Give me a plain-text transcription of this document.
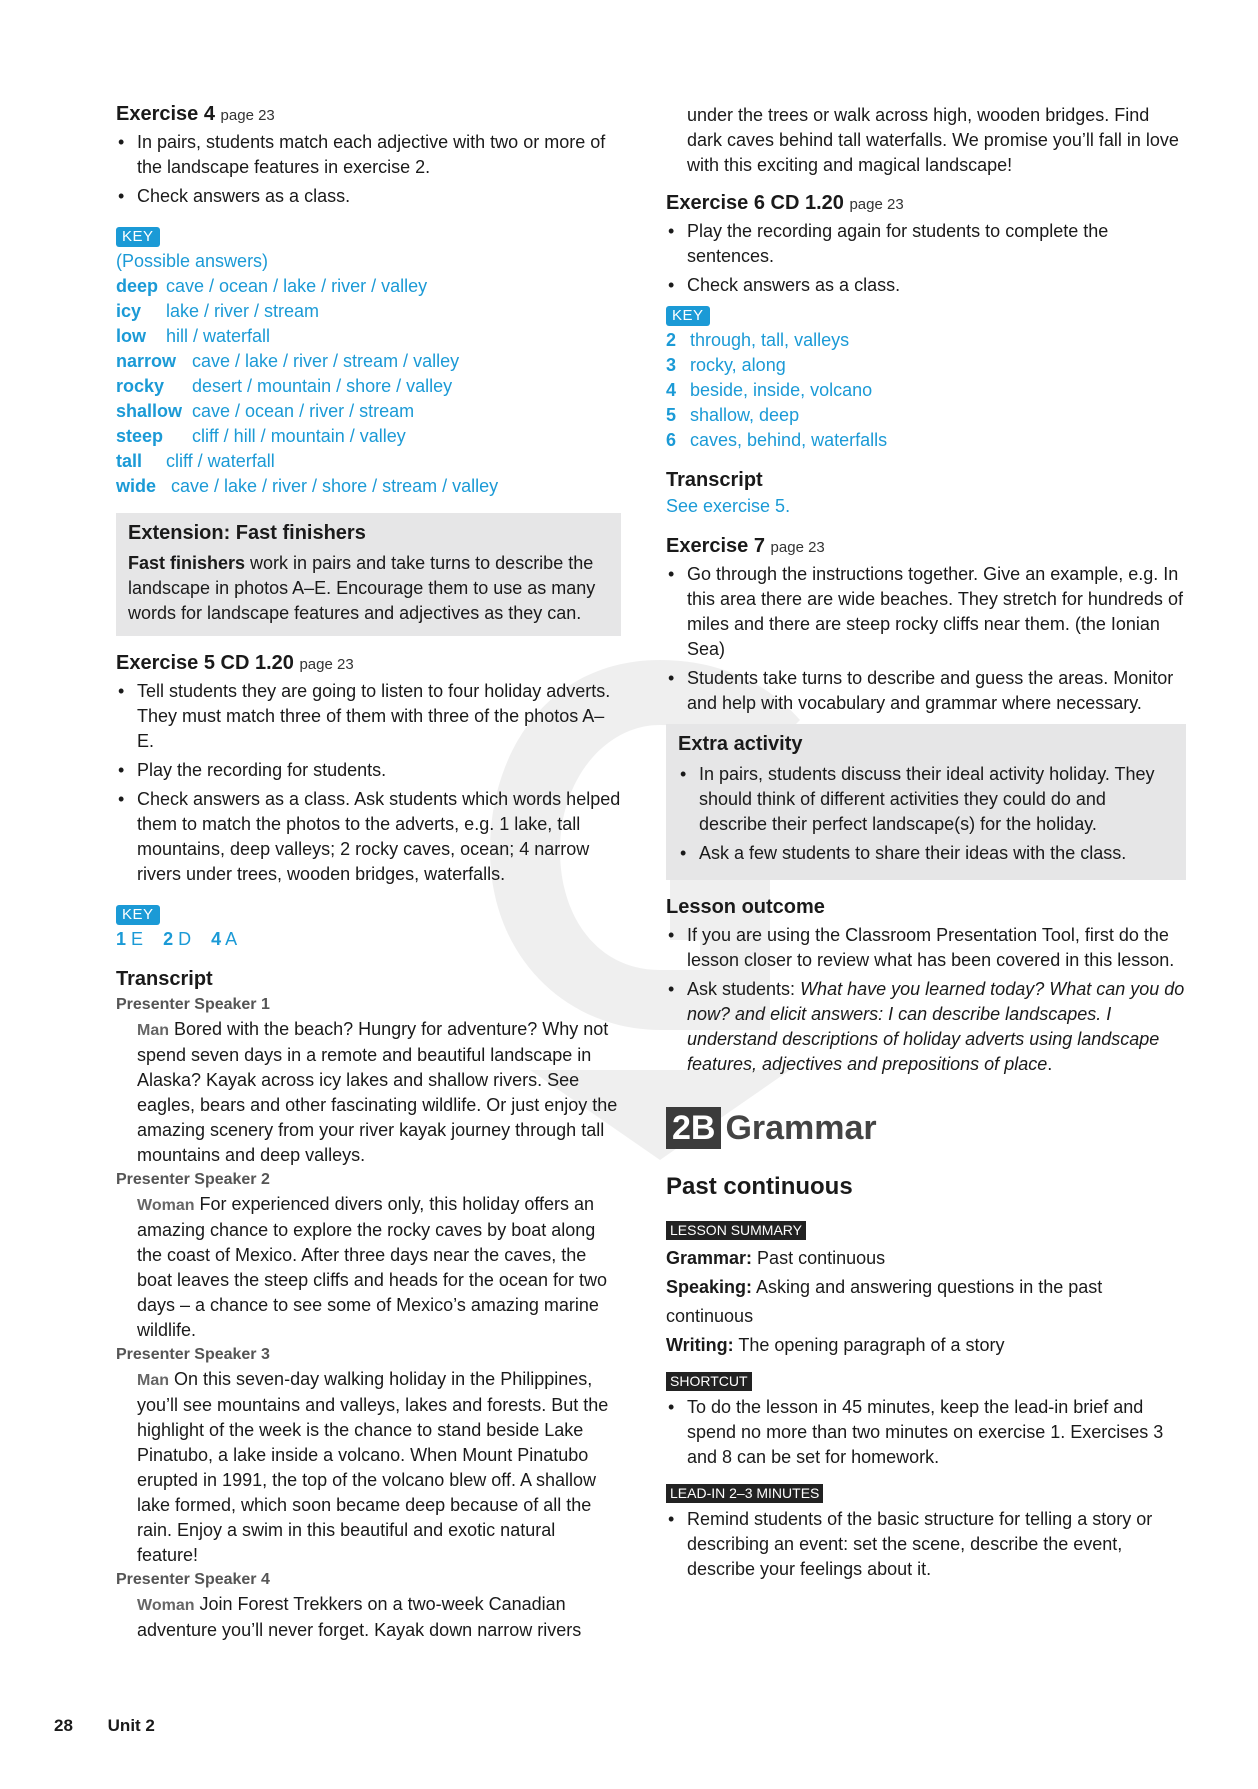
Exercise 4 page 23
• In pairs, students match each adjective with two or more of the landscape features in exercise 2.
• Check answers as a class.
KEY
(Possible answers)
deep cave / ocean / lake / river / valley
icy lake / river / stream
low hill / waterfall
narrow cave / lake / river / stream / valley
rocky desert / mountain / shore / valley
shallow cave / ocean / river / stream
steep cliff / hill / mountain / valley
tall cliff / waterfall
wide cave / lake / river / shore / stream / valley
Extension: Fast finishers
Fast finishers work in pairs and take turns to describe the landscape in photos A–E. Encourage them to use as many words for landscape features and adjectives as they can.
Exercise 5 CD 1.20 page 23
• Tell students they are going to listen to four holiday adverts. They must match three of them with three of the photos A–E.
• Play the recording for students.
• Check answers as a class. Ask students which words helped them to match the photos to the adverts, e.g. 1 lake, tall mountains, deep valleys; 2 rocky caves, ocean; 4 narrow rivers under trees, wooden bridges, waterfalls.
KEY
1 E 2 D 4 A
Transcript
Presenter Speaker 1
Man Bored with the beach? Hungry for adventure? Why not spend seven days in a remote and beautiful landscape in Alaska? Kayak across icy lakes and shallow rivers. See eagles, bears and other fascinating wildlife. Or just enjoy the amazing scenery from your river kayak journey through tall mountains and deep valleys.
Presenter Speaker 2
Woman For experienced divers only, this holiday offers an amazing chance to explore the rocky caves by boat along the coast of Mexico. After three days near the caves, the boat leaves the steep cliffs and heads for the ocean for two days – a chance to see some of Mexico’s amazing marine wildlife.
Presenter Speaker 3
Man On this seven-day walking holiday in the Philippines, you’ll see mountains and valleys, lakes and forests. But the highlight of the week is the chance to stand beside Lake Pinatubo, a lake inside a volcano. When Mount Pinatubo erupted in 1991, the top of the volcano blew off. A shallow lake formed, which soon became deep because of all the rain. Enjoy a swim in this beautiful and exotic natural feature!
Presenter Speaker 4
Woman Join Forest Trekkers on a two-week Canadian adventure you’ll never forget. Kayak down narrow rivers
under the trees or walk across high, wooden bridges. Find dark caves behind tall waterfalls. We promise you’ll fall in love with this exciting and magical landscape!
Exercise 6 CD 1.20 page 23
• Play the recording again for students to complete the sentences.
• Check answers as a class.
KEY
2 through, tall, valleys
3 rocky, along
4 beside, inside, volcano
5 shallow, deep
6 caves, behind, waterfalls
Transcript
See exercise 5.
Exercise 7 page 23
• Go through the instructions together. Give an example, e.g. In this area there are wide beaches. They stretch for hundreds of miles and there are steep rocky cliffs near them. (the Ionian Sea)
• Students take turns to describe and guess the areas. Monitor and help with vocabulary and grammar where necessary.
Extra activity
• In pairs, students discuss their ideal activity holiday. They should think of different activities they could do and describe their perfect landscape(s) for the holiday.
• Ask a few students to share their ideas with the class.
Lesson outcome
• If you are using the Classroom Presentation Tool, first do the lesson closer to review what has been covered in this lesson.
• Ask students: What have you learned today? What can you do now? and elicit answers: I can describe landscapes. I understand descriptions of holiday adverts using landscape features, adjectives and prepositions of place.
2B Grammar
Past continuous
LESSON SUMMARY
Grammar: Past continuous
Speaking: Asking and answering questions in the past continuous
Writing: The opening paragraph of a story
SHORTCUT
• To do the lesson in 45 minutes, keep the lead-in brief and spend no more than two minutes on exercise 1. Exercises 3 and 8 can be set for homework.
LEAD-IN 2–3 MINUTES
• Remind students of the basic structure for telling a story or describing an event: set the scene, describe the event, describe your feelings about it.
28 Unit 2
